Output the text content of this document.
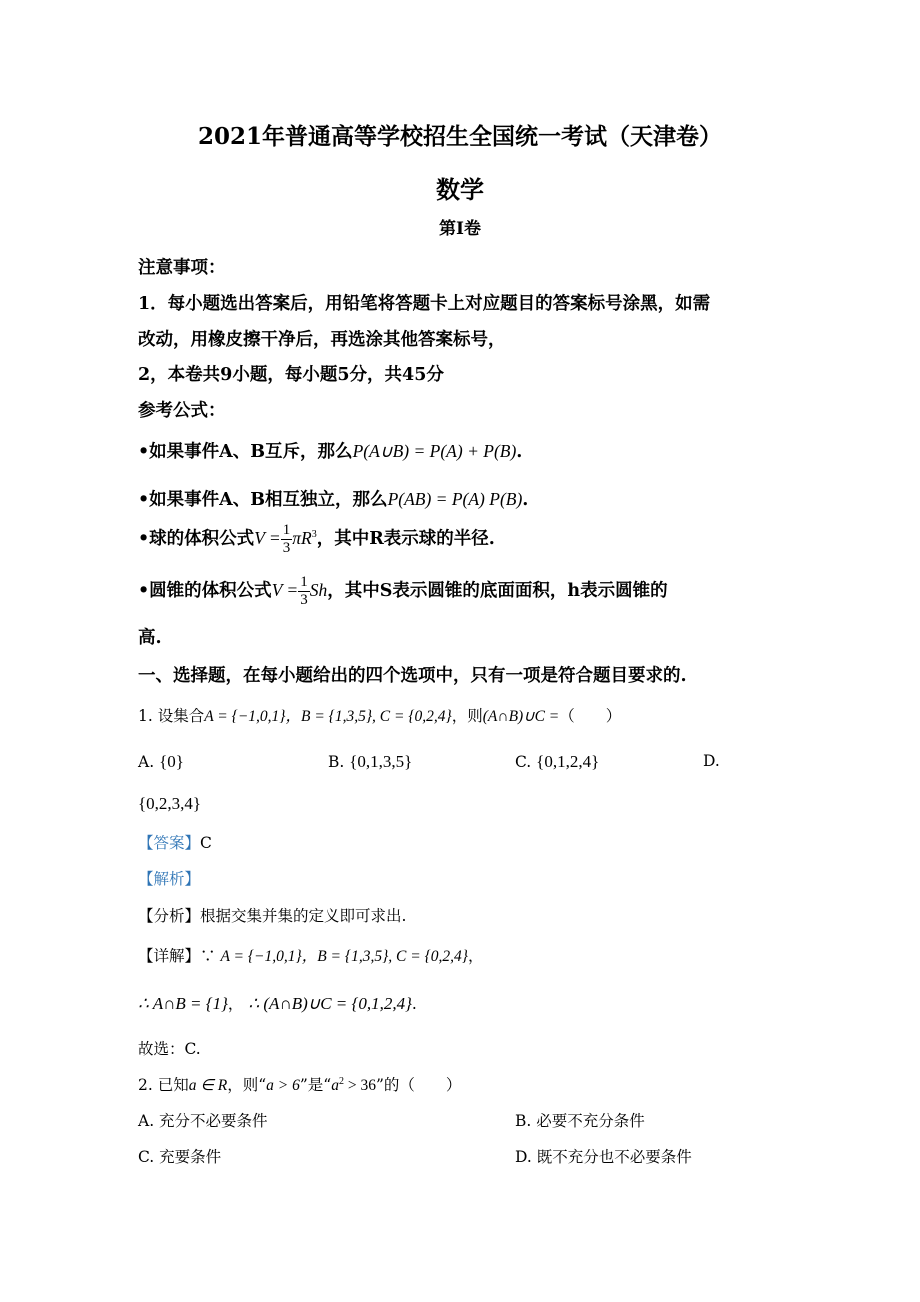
2021年普通高等学校招生全国统一考试（天津卷）
数学
第I卷
注意事项：
1．每小题选出答案后，用铅笔将答题卡上对应题目的答案标号涂黑，如需
改动，用橡皮擦干净后，再选涂其他答案标号，
2，本卷共9小题，每小题5分，共45分
参考公式：
•如果事件A、B互斥，那么P(A∪B) = P(A) + P(B).
•如果事件A、B相互独立，那么P(AB) = P(A) P(B).
•球的体积公式$V = \frac{1}{3} \pi R^3$，其中R表示球的半径.
•圆锥的体积公式$V = \frac{1}{3}$ Sh，其中S表示圆锥的底面面积，h表示圆锥的
高.
一、选择题，在每小题给出的四个选项中，只有一项是符合题目要求的.
1. 设集合A = {−1,0,1}，B = {1,3,5}, C = {0,2,4}，则(A∩B)∪C =（　　）
A. {0}	B. {0,1,3,5}	C. {0,1,2,4}	D.
{0,2,3,4}
【答案】C
【解析】
【分析】根据交集并集的定义即可求出.
【详解】∵ A = {−1,0,1}，B = {1,3,5}, C = {0,2,4}，
∴ A∩B = {1}， ∴ (A∩B)∪C = {0,1,2,4}.
故选：C.
2. 已知a ∈ R，则“a > 6”是“$a^2 > 36$”的（　　）
A. 充分不必要条件	B. 必要不充分条件
C. 充要条件	D. 既不充分也不必要条件
